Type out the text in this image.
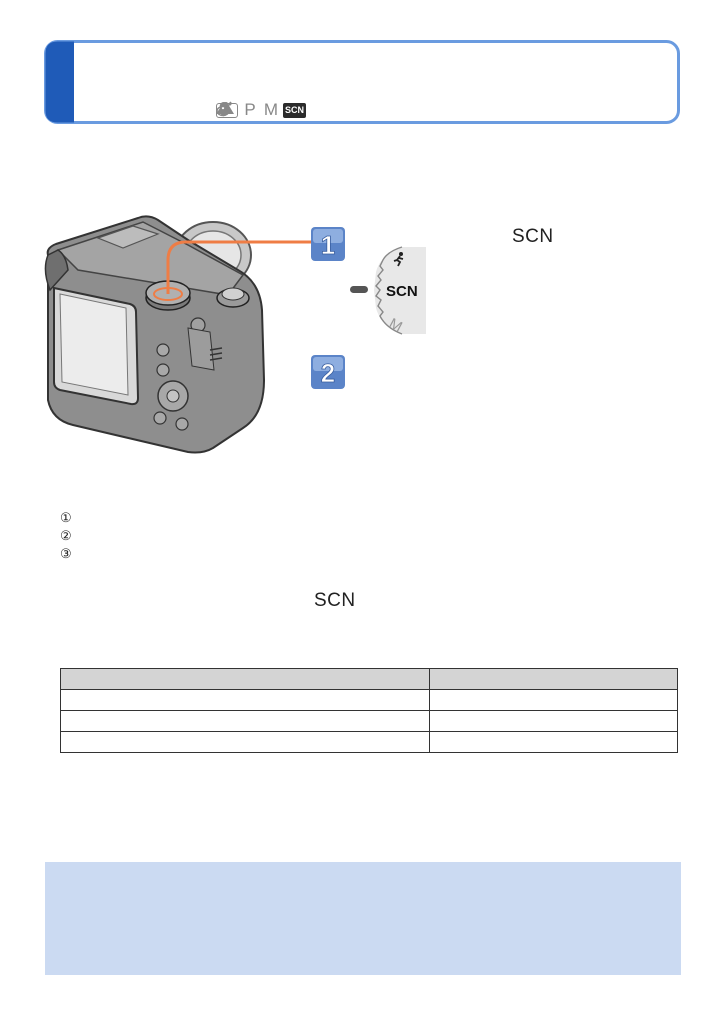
P M SCN
1	SCN
SCN
M
2
①
②
③
SCN
